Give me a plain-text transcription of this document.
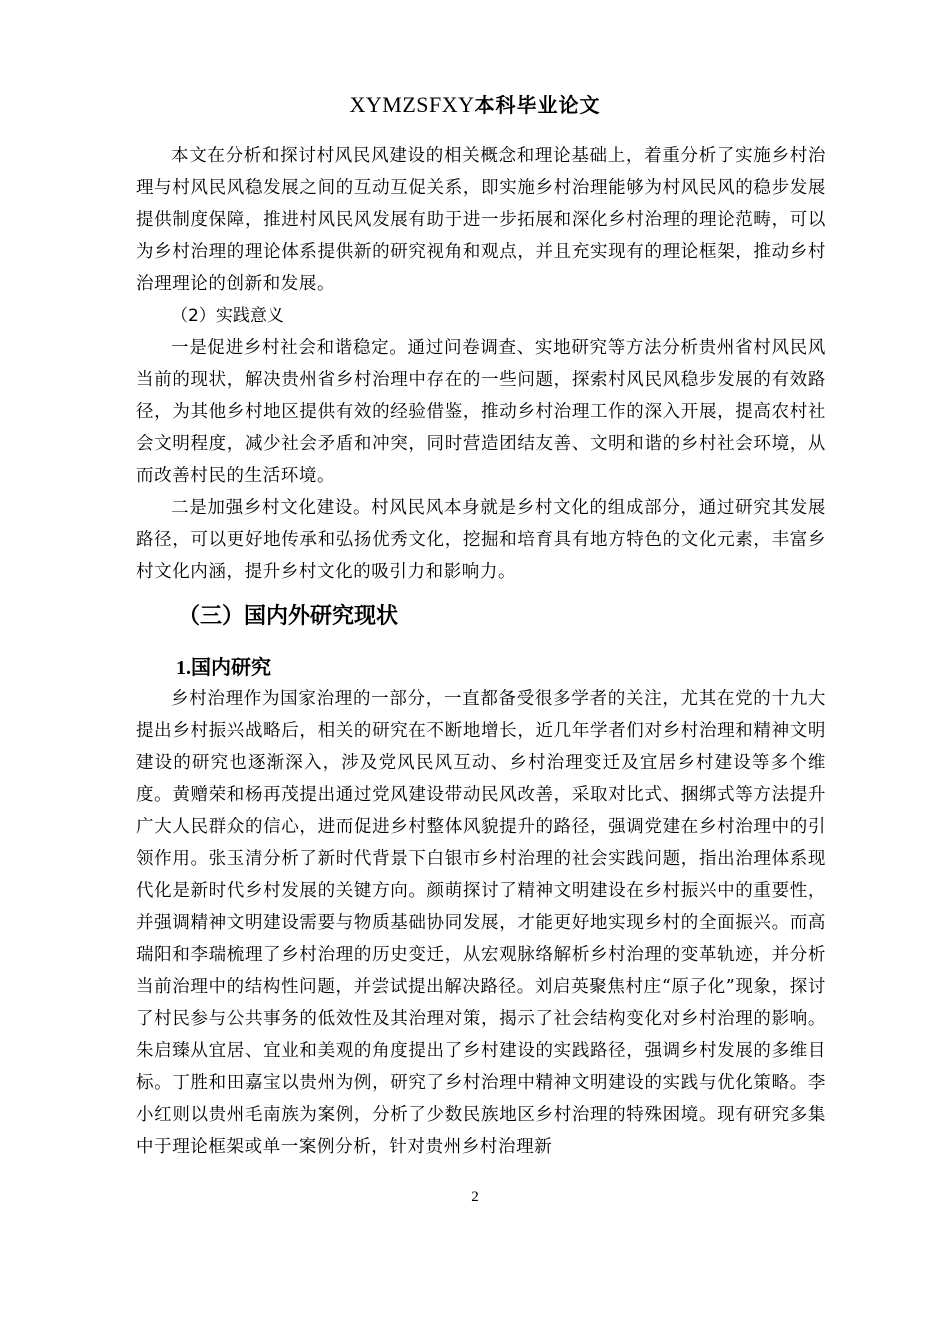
XYMZSFXY本科毕业论文

本文在分析和探讨村风民风建设的相关概念和理论基础上，着重分析了实施乡村治理与村风民风稳发展之间的互动互促关系，即实施乡村治理能够为村风民风的稳步发展提供制度保障，推进村风民风发展有助于进一步拓展和深化乡村治理的理论范畴，可以为乡村治理的理论体系提供新的研究视角和观点，并且充实现有的理论框架，推动乡村治理理论的创新和发展。

（2）实践意义

一是促进乡村社会和谐稳定。通过问卷调查、实地研究等方法分析贵州省村风民风当前的现状，解决贵州省乡村治理中存在的一些问题，探索村风民风稳步发展的有效路径，为其他乡村地区提供有效的经验借鉴，推动乡村治理工作的深入开展，提高农村社会文明程度，减少社会矛盾和冲突，同时营造团结友善、文明和谐的乡村社会环境，从而改善村民的生活环境。

二是加强乡村文化建设。村风民风本身就是乡村文化的组成部分，通过研究其发展路径，可以更好地传承和弘扬优秀文化，挖掘和培育具有地方特色的文化元素，丰富乡村文化内涵，提升乡村文化的吸引力和影响力。

（三）国内外研究现状
1.国内研究

乡村治理作为国家治理的一部分，一直都备受很多学者的关注，尤其在党的十九大提出乡村振兴战略后，相关的研究在不断地增长，近几年学者们对乡村治理和精神文明建设的研究也逐渐深入，涉及党风民风互动、乡村治理变迁及宜居乡村建设等多个维度。黄赠荣和杨再茂提出通过党风建设带动民风改善，采取对比式、捆绑式等方法提升广大人民群众的信心，进而促进乡村整体风貌提升的路径，强调党建在乡村治理中的引领作用。张玉清分析了新时代背景下白银市乡村治理的社会实践问题，指出治理体系现代化是新时代乡村发展的关键方向。颜萌探讨了精神文明建设在乡村振兴中的重要性，并强调精神文明建设需要与物质基础协同发展，才能更好地实现乡村的全面振兴。而高瑞阳和李瑞梳理了乡村治理的历史变迁，从宏观脉络解析乡村治理的变革轨迹，并分析当前治理中的结构性问题，并尝试提出解决路径。刘启英聚焦村庄“原子化”现象，探讨了村民参与公共事务的低效性及其治理对策，揭示了社会结构变化对乡村治理的影响。朱启臻从宜居、宜业和美观的角度提出了乡村建设的实践路径，强调乡村发展的多维目标。丁胜和田嘉宝以贵州为例，研究了乡村治理中精神文明建设的实践与优化策略。李小红则以贵州毛南族为案例，分析了少数民族地区乡村治理的特殊困境。现有研究多集中于理论框架或单一案例分析，针对贵州乡村治理新

2
